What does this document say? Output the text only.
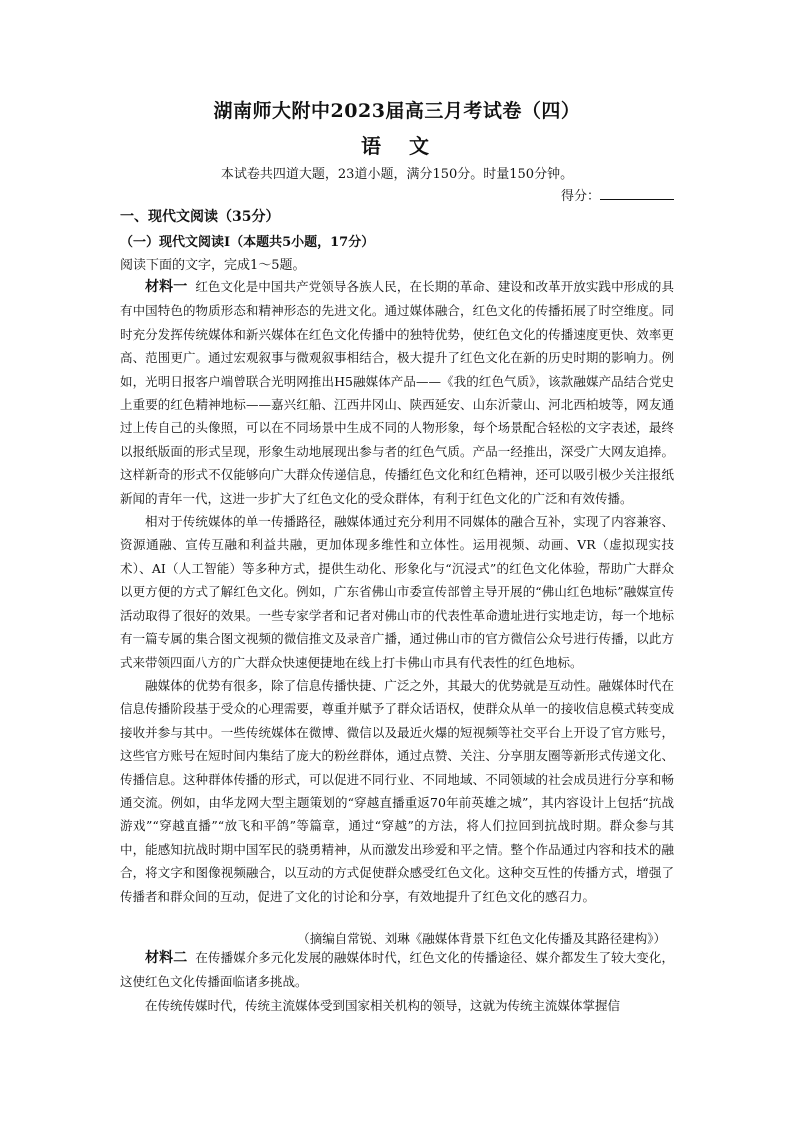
湖南师大附中2023届高三月考试卷（四）
语　文
本试卷共四道大题，23道小题，满分150分。时量150分钟。
得分：
一、现代文阅读（35分）
（一）现代文阅读Ⅰ（本题共5小题，17分）
阅读下面的文字，完成1～5题。

材料一 红色文化是中国共产党领导各族人民，在长期的革命、建设和改革开放实践中形成的具有中国特色的物质形态和精神形态的先进文化。通过媒体融合，红色文化的传播拓展了时空维度。同时充分发挥传统媒体和新兴媒体在红色文化传播中的独特优势，使红色文化的传播速度更快、效率更高、范围更广。通过宏观叙事与微观叙事相结合，极大提升了红色文化在新的历史时期的影响力。例如，光明日报客户端曾联合光明网推出H5融媒体产品——《我的红色气质》，该款融媒产品结合党史上重要的红色精神地标——嘉兴红船、江西井冈山、陕西延安、山东沂蒙山、河北西柏坡等，网友通过上传自己的头像照，可以在不同场景中生成不同的人物形象，每个场景配合轻松的文字表述，最终以报纸版面的形式呈现，形象生动地展现出参与者的红色气质。产品一经推出，深受广大网友追捧。这样新奇的形式不仅能够向广大群众传递信息，传播红色文化和红色精神，还可以吸引极少关注报纸新闻的青年一代，这进一步扩大了红色文化的受众群体，有利于红色文化的广泛和有效传播。

相对于传统媒体的单一传播路径，融媒体通过充分利用不同媒体的融合互补，实现了内容兼容、资源通融、宣传互融和利益共融，更加体现多维性和立体性。运用视频、动画、VR（虚拟现实技术）、AI（人工智能）等多种方式，提供生动化、形象化与“沉浸式”的红色文化体验，帮助广大群众以更方便的方式了解红色文化。例如，广东省佛山市委宣传部曾主导开展的“佛山红色地标”融媒宣传活动取得了很好的效果。一些专家学者和记者对佛山市的代表性革命遗址进行实地走访，每一个地标有一篇专属的集合图文视频的微信推文及录音广播，通过佛山市的官方微信公众号进行传播，以此方式来带领四面八方的广大群众快速便捷地在线上打卡佛山市具有代表性的红色地标。

融媒体的优势有很多，除了信息传播快捷、广泛之外，其最大的优势就是互动性。融媒体时代在信息传播阶段基于受众的心理需要，尊重并赋予了群众话语权，使群众从单一的接收信息模式转变成接收并参与其中。一些传统媒体在微博、微信以及最近火爆的短视频等社交平台上开设了官方账号，这些官方账号在短时间内集结了庞大的粉丝群体，通过点赞、关注、分享朋友圈等新形式传递文化、传播信息。这种群体传播的形式，可以促进不同行业、不同地域、不同领域的社会成员进行分享和畅通交流。例如，由华龙网大型主题策划的“穿越直播重返70年前英雄之城”，其内容设计上包括“抗战游戏”“穿越直播”“放飞和平鸽”等篇章，通过“穿越”的方法，将人们拉回到抗战时期。群众参与其中，能感知抗战时期中国军民的骁勇精神，从而激发出珍爱和平之情。整个作品通过内容和技术的融合，将文字和图像视频融合，以互动的方式促使群众感受红色文化。这种交互性的传播方式，增强了传播者和群众间的互动，促进了文化的讨论和分享，有效地提升了红色文化的感召力。

（摘编自常锐、刘琳《融媒体背景下红色文化传播及其路径建构》）

材料二 在传播媒介多元化发展的融媒体时代，红色文化的传播途径、媒介都发生了较大变化，这使红色文化传播面临诸多挑战。

在传统传媒时代，传统主流媒体受到国家相关机构的领导，这就为传统主流媒体掌握信
